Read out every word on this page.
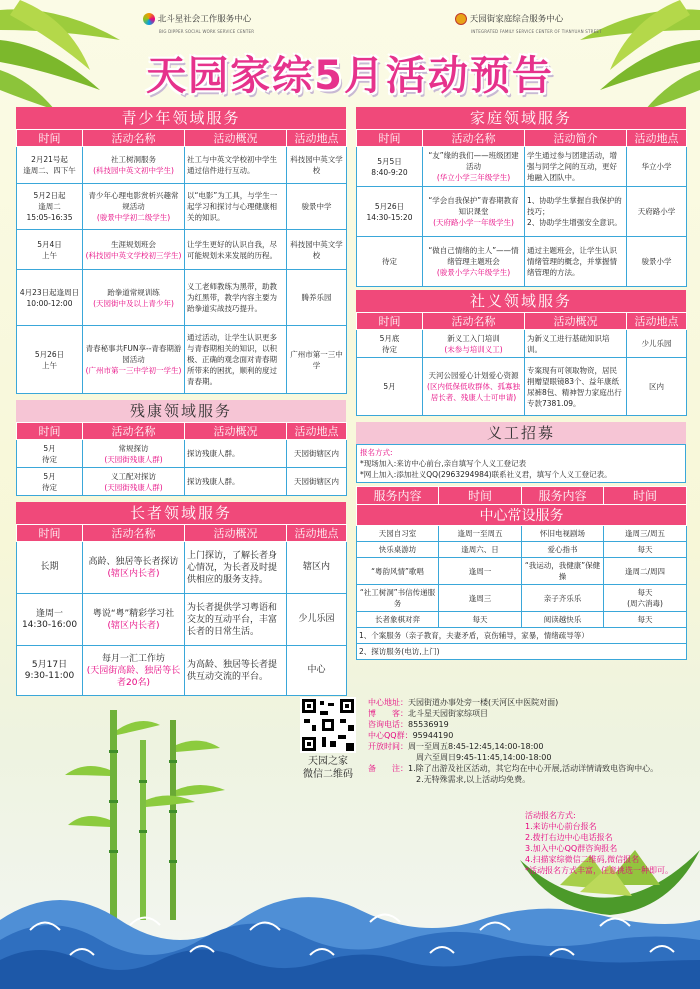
北斗星社会工作服务中心
BIG DIPPER SOCIAL WORK SERVICE CENTER
天园街家庭综合服务中心
INTEGRATED FAMILY SERVICE CENTER OF TIANYUAN STREET
天园家综5月活动预告
青少年领域服务
时间	活动名称	活动概况	活动地点
2月21号起
逢周二、四下午	社工树洞服务
(科技园中英文初中学生)	社工与中英文学校初中学生通过信件进行互动。	科技园中英文学校
5月2日起
逢周二
15:05-16:35	青少年心理电影赏析兴趣常规活动
(骏景中学初二级学生)	以“电影”为工具，与学生一起学习和探讨与心理健康相关的知识。	骏景中学
5月4日
上午	生涯规划班会
(科技园中英文学校初三学生)	让学生更好的认识自我，尽可能规划未来发展的历程。	科技园中英文学校
4月23日起逢周日
10:00-12:00	跆拳道常规训练
(天园街中及以上青少年)	义工老师教练为黑带，助教为红黑带，教学内容主要为跆拳道实战技巧提升。	腾养乐园
5月26日
上午	青春秘事共FUN享--青春期游园活动
(广州市第一三中学初一学生)	通过活动，让学生认识更多与青春期相关的知识，以积极、正确的观念面对青春期所带来的困扰，顺利的度过青春期。	广州市第一三中学
残康领域服务
时间	活动名称	活动概况	活动地点
5月
待定	常规探访
(天园街残康人群)	探访残康人群。	天园街辖区内
5月
待定	义工配对探访
(天园街残康人群)	探访残康人群。	天园街辖区内
长者领域服务
时间	活动名称	活动概况	活动地点
长期	高龄、独居等长者探访
(辖区内长者)	上门探访，了解长者身心情况，为长者及时提供相应的服务支持。	辖区内
逢周一
14:30-16:00	粤说“粤”精彩学习社
(辖区内长者)	为长者提供学习粤语和交友的互动平台，丰富长者的日常生活。	少儿乐园
5月17日
9:30-11:00	每月一汇工作坊
(天园街高龄、独居等长者20名)	为高龄、独居等长者提供互动交流的平台。	中心
家庭领域服务
时间	活动名称	活动简介	活动地点
5月5日
8:40-9:20	“友”缘的我们——班级团建活动
(华立小学三年级学生)	学生通过参与团建活动，增强与同学之间的互动，更好地融入团队中。	华立小学
5月26日
14:30-15:20	“学会自我保护”青春期教育知识课堂
(天府路小学一年级学生)	1、协助学生掌握自我保护的技巧；
2、协助学生增强安全意识。	天府路小学
待定	“做自己情绪的主人”——情绪管理主题班会
(骏景小学六年级学生)	通过主题班会，让学生认识情绪管理的概念，并掌握情绪管理的方法。	骏景小学
社义领域服务
时间	活动名称	活动概况	活动地点
5月底
待定	新义工入门培训
(未参与培训义工)	为新义工进行基础知识培训。	少儿乐园
5月	天河公园爱心计划爱心资源
(区内低保低收群体、孤寡独居长者、残康人士可申请)	专案现有可领取物资，居民捐赠望眼镜83个、益年康纸尿裤8包、精神智力家庭出行专款7381.09。	区内
义工招募
报名方式:
*现场加入:来访中心前台,亲自填写个人义工登记表
*网上加入:添加社义QQ(2963294984)联系社义君，填写个人义工登记表。
服务内容	时间	服务内容	时间
中心常设服务			
天园自习室	逢周一至周五	怀旧电视剧场	逢周三/周五
快乐桌游坊	逢周六、日	爱心指书	每天
“粤韵风情”歌唱	逢周一	“我运动，我健康”保健操	逢周二/周四
“社工树洞”书信传递服务	逢周三	亲子齐乐乐	每天
(周六消毒)
长者象棋对弈	每天	阅读越快乐	每天
1、个案服务（亲子教育，夫妻矛盾，哀伤辅导，家暴，情绪疏导等）			
2、探访服务(电访,上门)			
天园之家
微信二维码
中心地址：天园街道办事处旁一楼(天河区中医院对面)
博　　客：北斗星天园街家综项目
咨询电话：85536919
中心QQ群：95944190
开放时间：周一至周五8:45-12:45,14:00-18:00
周六至周日9:45-11:45,14:00-18:00
备　　注： 1.除了出游及社区活动，其它均在中心开展,活动详情请致电咨询中心。
2.无特殊需求,以上活动均免费。
活动报名方式:
1.来访中心前台报名
2.拨打右边中心电话报名
3.加入中心QQ群咨询报名
4.扫描家综微信二维码,微信报名
*活动报名方式丰富，任意挑选一种即可。
